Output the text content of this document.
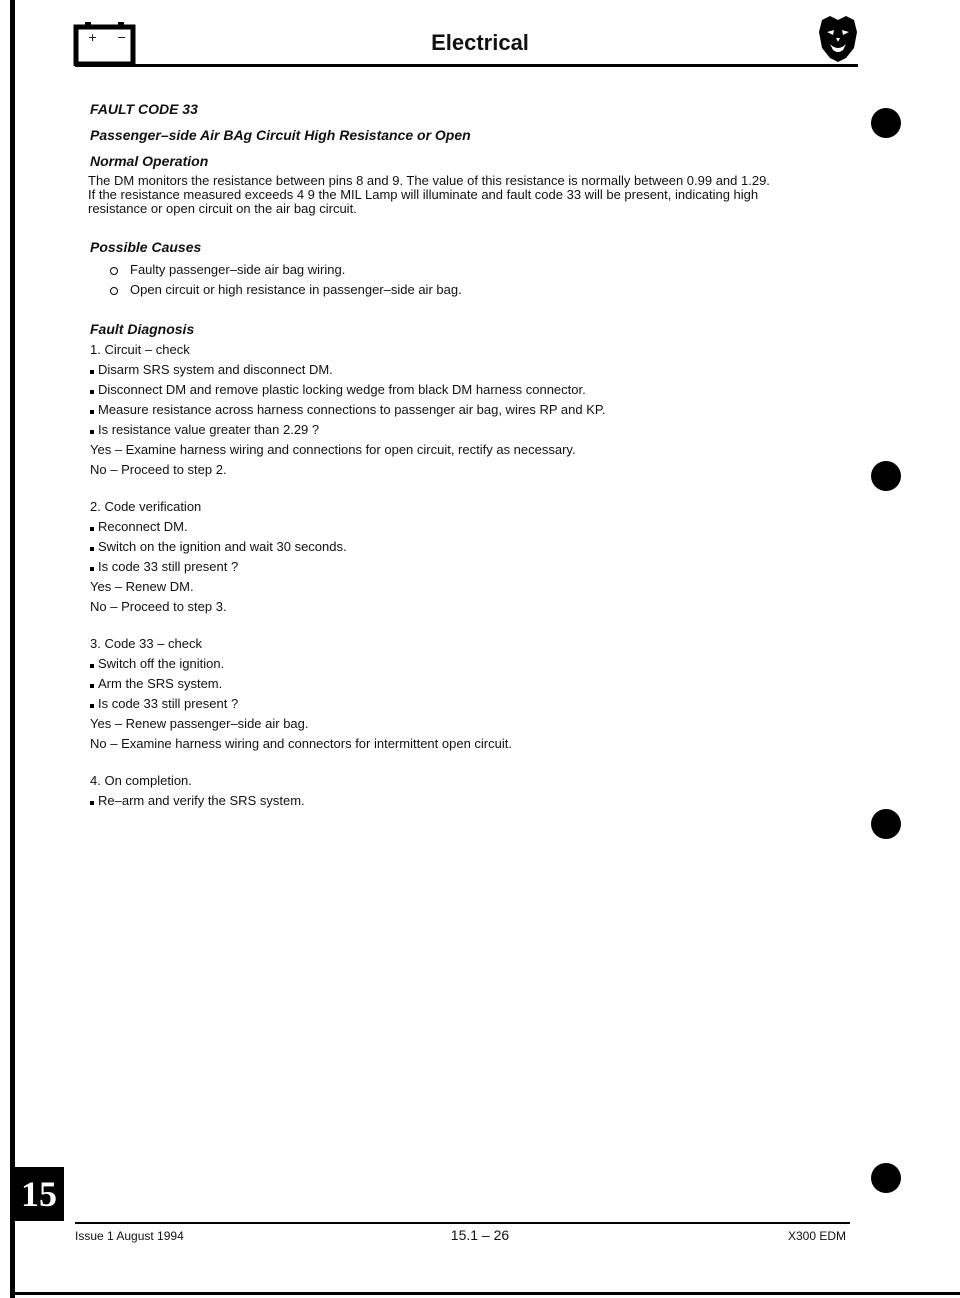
+ −	Electrical
15

FAULT CODE 33

Passenger–side Air BAg Circuit High Resistance or Open

Normal Operation

The DM monitors the resistance between pins 8 and 9. The value of this resistance is normally between 0.99 and 1.29.

If the resistance measured exceeds 4 9 the MIL Lamp will illuminate and fault code 33 will be present, indicating high

resistance or open circuit on the air bag circuit.

Possible Causes

Faulty passenger–side air bag wiring.

Open circuit or high resistance in passenger–side air bag.

Fault Diagnosis

1. Circuit – check

Disarm SRS system and disconnect DM.

Disconnect DM and remove plastic locking wedge from black DM harness connector.

Measure resistance across harness connections to passenger air bag, wires RP and KP.

Is resistance value greater than 2.29 ?

Yes – Examine harness wiring and connections for open circuit, rectify as necessary.

No – Proceed to step 2.

2. Code verification

Reconnect DM.

Switch on the ignition and wait 30 seconds.

Is code 33 still present ?

Yes – Renew DM.

No – Proceed to step 3.

3. Code 33 – check

Switch off the ignition.

Arm the SRS system.

Is code 33 still present ?

Yes – Renew passenger–side air bag.

No – Examine harness wiring and connectors for intermittent open circuit.

4. On completion.

Re–arm and verify the SRS system.

Issue 1 August 1994	15.1 – 26	X300 EDM
